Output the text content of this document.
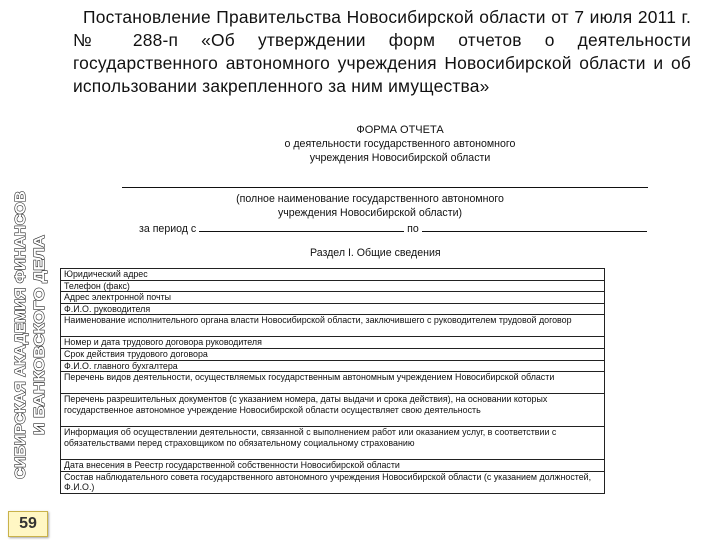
СИБИРСКАЯ АКАДЕМИЯ ФИНАНСОВ И БАНКОВСКОГО ДЕЛА
59

Постановление Правительства Новосибирской области от 7 июля 2011 г. № 288-п «Об утверждении форм отчетов о деятельности государственного автономного учреждения Новосибирской области и об использовании закрепленного за ним имущества»

ФОРМА ОТЧЕТА
о деятельности государственного автономного
учреждения Новосибирской области
(полное наименование государственного автономного
учреждения Новосибирской области)
за период с	по
Раздел I. Общие сведения
Юридический адрес
Телефон (факс)
Адрес электронной почты
Ф.И.О. руководителя
Наименование исполнительного органа власти Новосибирской области, заключившего с руководителем трудовой договор
Номер и дата трудового договора руководителя
Срок действия трудового договора
Ф.И.О. главного бухгалтера
Перечень видов деятельности, осуществляемых государственным автономным учреждением Новосибирской области
Перечень разрешительных документов (с указанием номера, даты выдачи и срока действия), на основании которых государственное автономное учреждение Новосибирской области осуществляет свою деятельность
Информация об осуществлении деятельности, связанной с выполнением работ или оказанием услуг, в соответствии с обязательствами перед страховщиком по обязательному социальному страхованию
Дата внесения в Реестр государственной собственности Новосибирской области
Состав наблюдательного совета государственного автономного учреждения Новосибирской области (с указанием должностей, Ф.И.О.)
